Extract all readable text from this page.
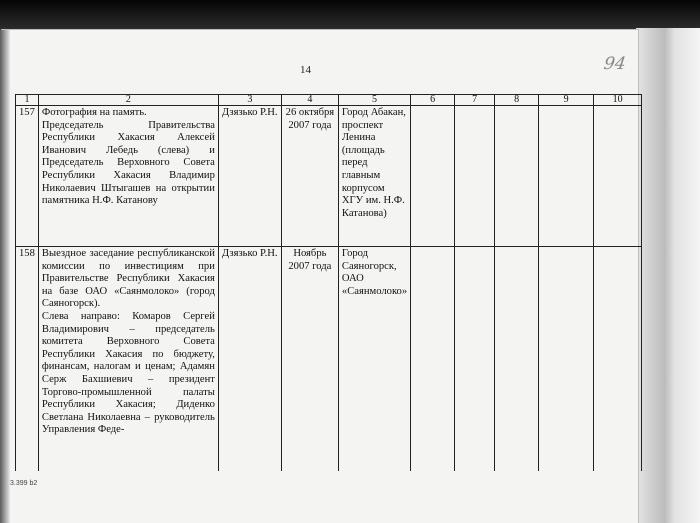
14	94
1	2	3	4	5	6	7	8	9	10
157	Фотография на память.
Председатель Правительства Республики Хакасия Алексей Иванович Лебедь (слева) и Председатель Верховного Совета Республики Хакасия Владимир Николаевич Штыгашев на открытии памятника Н.Ф. Катанову	Дзязько Р.Н.	26 октября 2007 года	Город Абакан, проспект Ленина (площадь перед главным корпусом ХГУ им. Н.Ф. Катанова)					
158	Выездное заседание республиканской комиссии по инвестициям при Правительстве Республики Хакасия на базе ОАО «Саянмолоко» (город Саяногорск).
Слева направо: Комаров Сергей Владимирович – председатель комитета Верховного Совета Республики Хакасия по бюджету, финансам, налогам и ценам; Адамян Серж Бахшиевич – президент Торгово-промышленной палаты Республики Хакасия; Диденко Светлана Николаевна – руководитель Управления Феде-	Дзязько Р.Н.	Ноябрь 2007 года	Город Саяногорск, ОАО «Саянмолоко»					
3.399 b2
